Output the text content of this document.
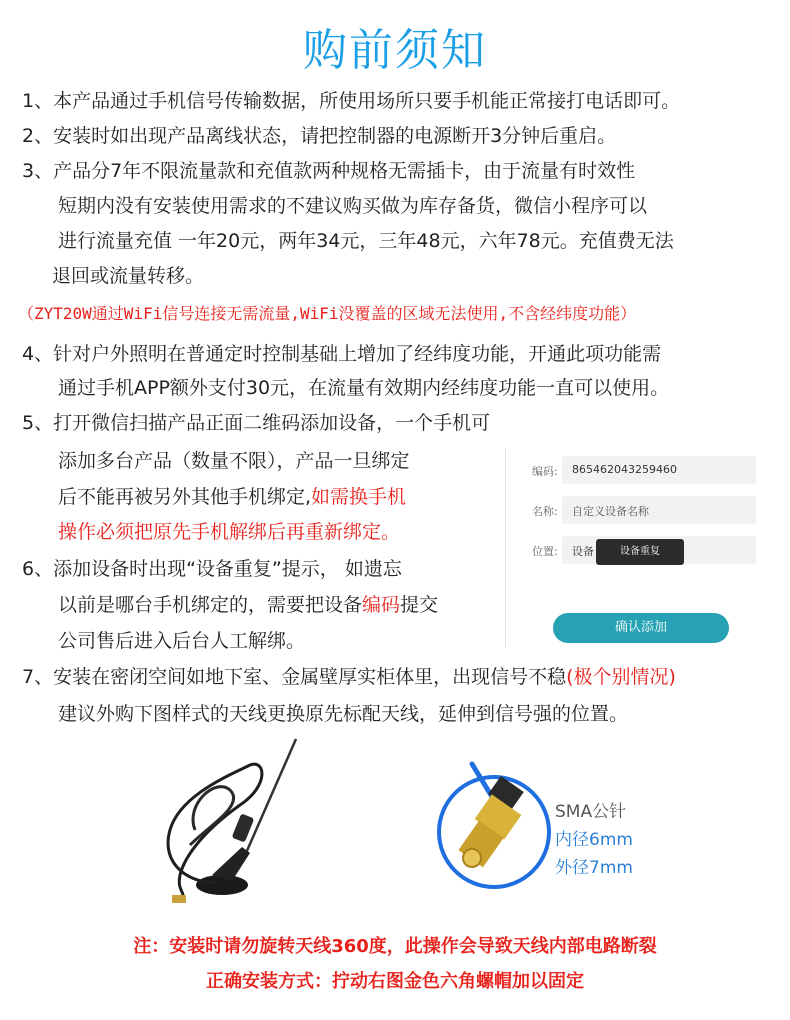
购前须知
1、本产品通过手机信号传输数据，所使用场所只要手机能正常接打电话即可。
2、安装时如出现产品离线状态，请把控制器的电源断开3分钟后重启。
3、产品分7年不限流量款和充值款两种规格无需插卡，由于流量有时效性
短期内没有安装使用需求的不建议购买做为库存备货，微信小程序可以
进行流量充值 一年20元，两年34元，三年48元，六年78元。充值费无法
退回或流量转移。
（ZYT20W通过WiFi信号连接无需流量,WiFi没覆盖的区域无法使用,不含经纬度功能）
4、针对户外照明在普通定时控制基础上增加了经纬度功能，开通此项功能需
通过手机APP额外支付30元，在流量有效期内经纬度功能一直可以使用。
5、打开微信扫描产品正面二维码添加设备，一个手机可
添加多台产品（数量不限），产品一旦绑定
后不能再被另外其他手机绑定,如需换手机
操作必须把原先手机解绑后再重新绑定。
6、添加设备时出现“设备重复”提示， 如遗忘
以前是哪台手机绑定的，需要把设备编码提交
公司售后进入后台人工解绑。
7、安装在密闭空间如地下室、金属壁厚实柜体里，出现信号不稳(极个别情况)
建议外购下图样式的天线更换原先标配天线，延伸到信号强的位置。
编码: 865462043259460
名称: 自定义设备名称
位置: 设备	设备重复
确认添加
SMA公针
内径6mm
外径7mm
注：安装时请勿旋转天线360度，此操作会导致天线内部电路断裂
正确安装方式：拧动右图金色六角螺帽加以固定
